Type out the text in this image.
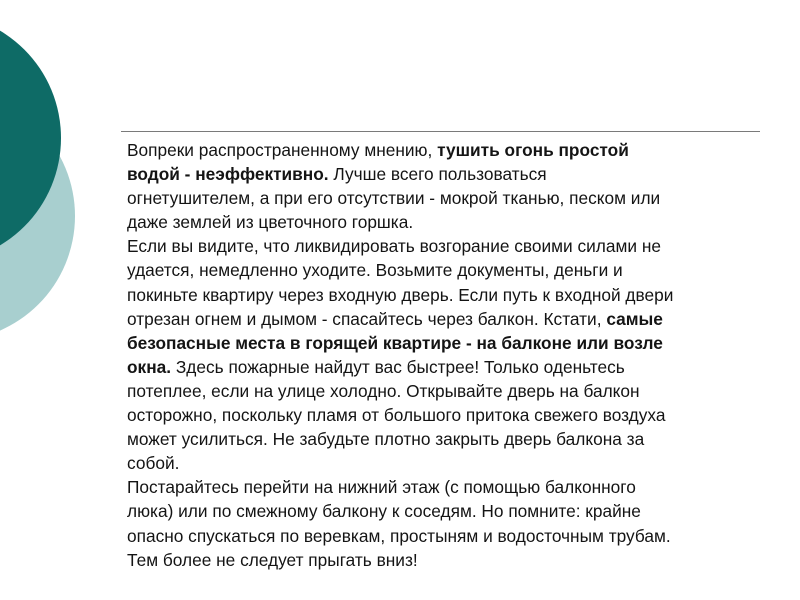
Вопреки распространенному мнению, тушить огонь простой
водой - неэффективно. Лучше всего пользоваться
огнетушителем, а при его отсутствии - мокрой тканью, песком или
даже землей из цветочного горшка.

Если вы видите, что ликвидировать возгорание своими силами не
удается, немедленно уходите. Возьмите документы, деньги и
покиньте квартиру через входную дверь. Если путь к входной двери
отрезан огнем и дымом - спасайтесь через балкон. Кстати, самые
безопасные места в горящей квартире - на балконе или возле
окна. Здесь пожарные найдут вас быстрее! Только оденьтесь
потеплее, если на улице холодно. Открывайте дверь на балкон
осторожно, поскольку пламя от большого притока свежего воздуха
может усилиться. Не забудьте плотно закрыть дверь балкона за
собой.

Постарайтесь перейти на нижний этаж (с помощью балконного
люка) или по смежному балкону к соседям. Но помните: крайне
опасно спускаться по веревкам, простыням и водосточным трубам.
Тем более не следует прыгать вниз!
